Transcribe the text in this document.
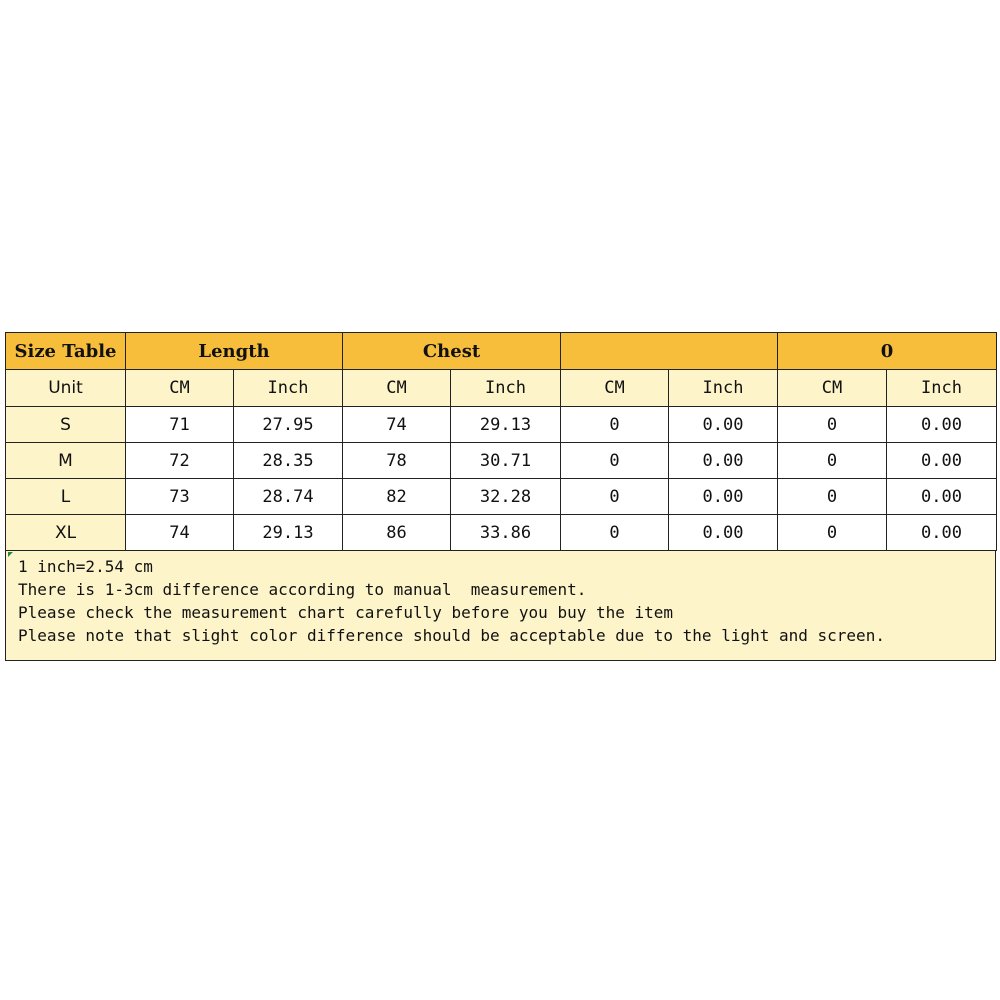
Size Table	Length		Chest				0	
Unit	CM	Inch	CM	Inch	CM	Inch	CM	Inch
S	71	27.95	74	29.13	0	0.00	0	0.00
M	72	28.35	78	30.71	0	0.00	0	0.00
L	73	28.74	82	32.28	0	0.00	0	0.00
XL	74	29.13	86	33.86	0	0.00	0	0.00
1 inch=2.54 cm
There is 1-3cm difference according to manual  measurement.
Please check the measurement chart carefully before you buy the item
Please note that slight color difference should be acceptable due to the light and screen.
